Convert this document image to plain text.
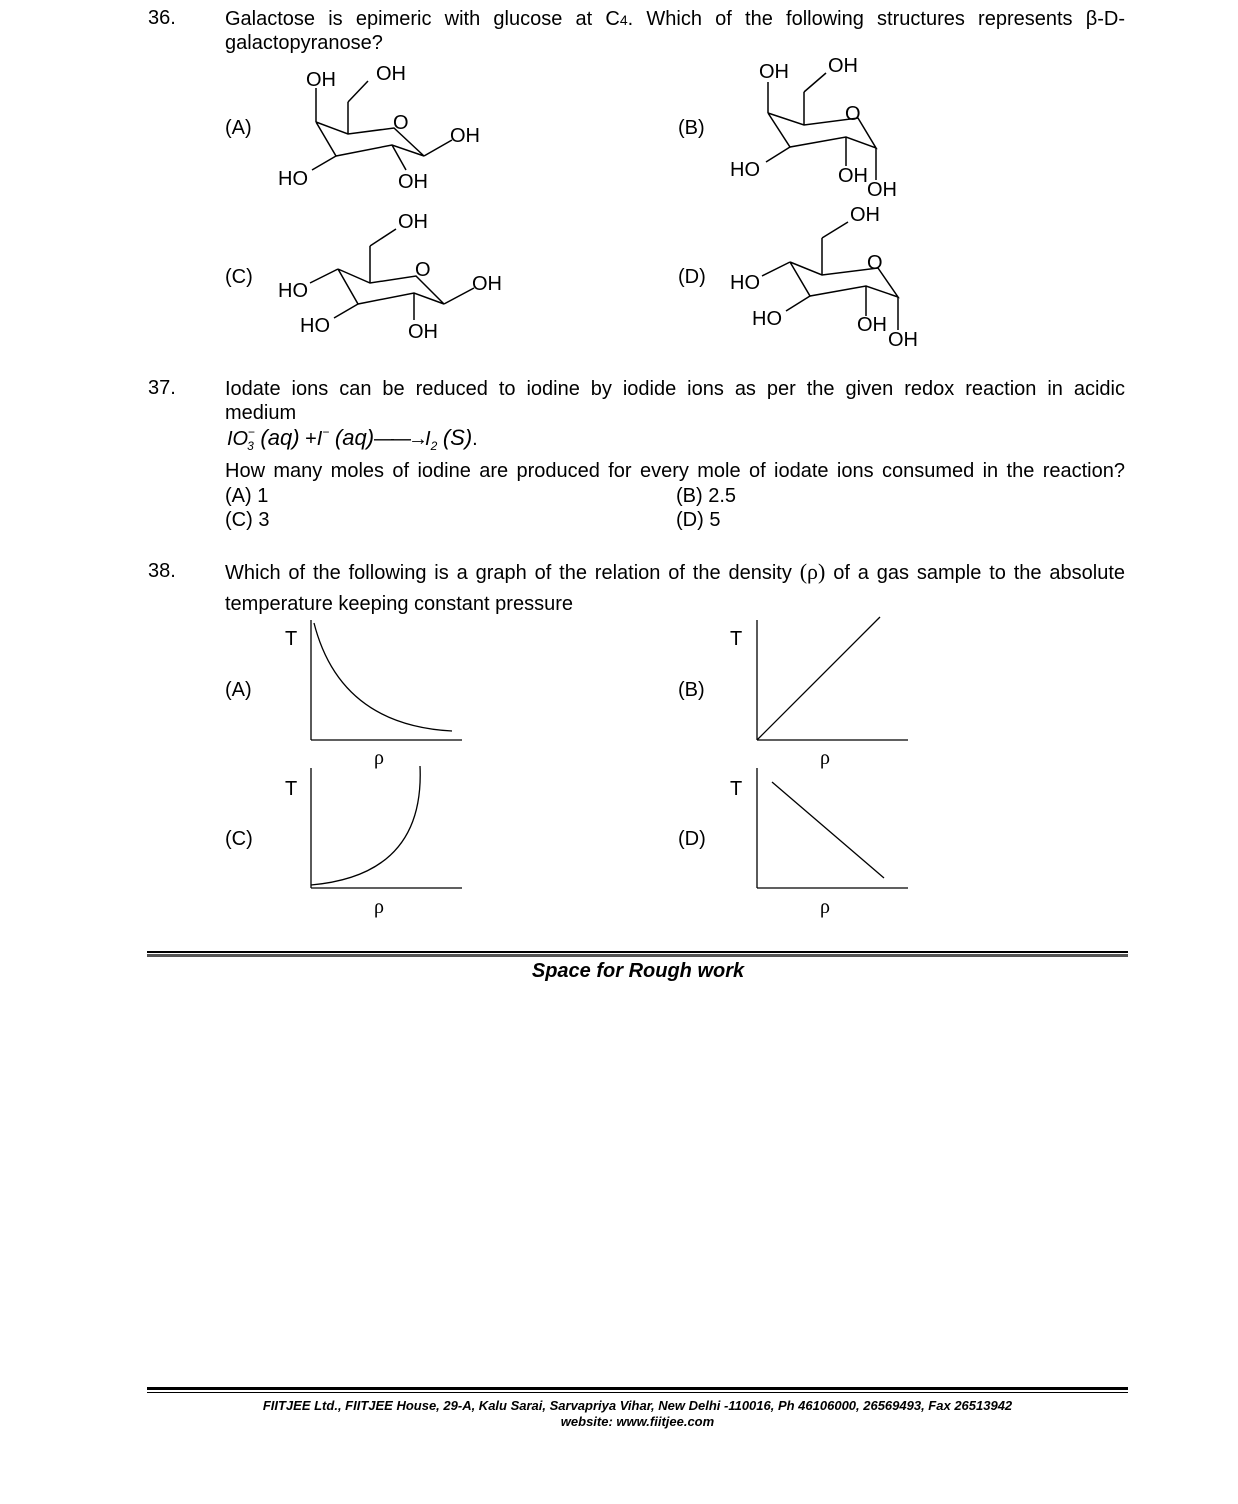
36. Galactose is epimeric with glucose at C4. Which of the following structures represents β-D-
galactopyranose?
(A)	(B)
(C)	(D)
OH OH
O
OH
HO	OH
OH OH
O
HO	OH
OH
OH
O
OH
HO
HO	OH
OH
O
HO
HO	OH
OH
37. Iodate ions can be reduced to iodine by iodide ions as per the given redox reaction in acidic
medium
$IO_3^-$ (aq) +I− $(aq)——\to I_2$ (S).
How many moles of iodine are produced for every mole of iodate ions consumed in the reaction?
(A) 1	(B) 2.5
(C) 3	(D) 5
38. Which of the following is a graph of the relation of the density (ρ) of a gas sample to the absolute
temperature keeping constant pressure
(A)	(B)
(C)	(D)
T
ρ
T
ρ
T
ρ
T
ρ
Space for Rough work
FIITJEE Ltd., FIITJEE House, 29-A, Kalu Sarai, Sarvapriya Vihar, New Delhi -110016, Ph 46106000, 26569493, Fax 26513942
website: www.fiitjee.com
